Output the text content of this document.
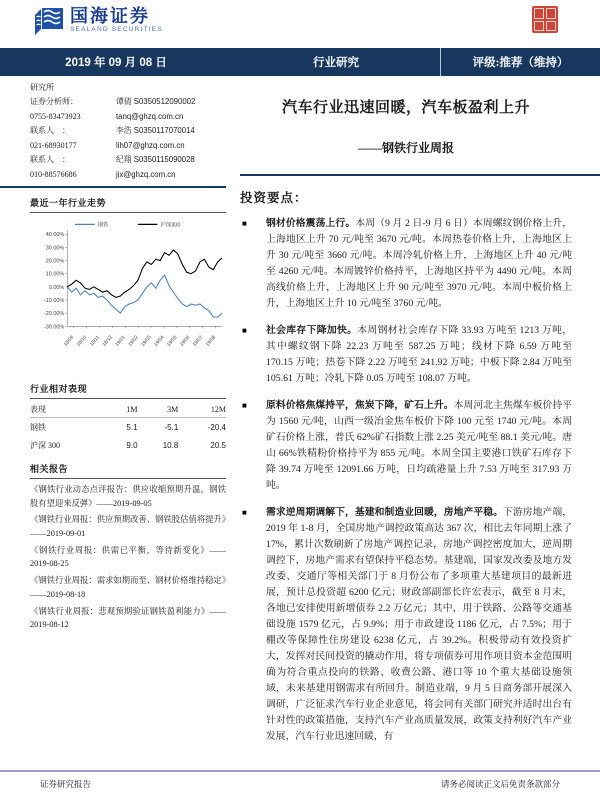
国海证券
SEALAND SECURITIES
2019 年 09 月 08 日	行业研究	评级:推荐（维持）
研究所
证券分析师：	谭倩 S0350512090002
0755-83473923	tanq@ghzq.com.cn
联系人　：	李浩 S0350117070014
021-68930177	lih07@ghzq.com.cn
联系人　：	纪翔 S0350115090028
010-88576686	jix@ghzq.com.cn
最近一年行业走势
40.00%
30.00%
20.00%
10.00%
0.00%
-10.00%
-20.00%
-30.00%
18/09 18/10 18/11 18/12 19/01 19/02 19/03 19/04 19/05 19/06 19/07 19/08
钢铁	沪深300
行业相对表现
表现	1M	3M	12M
钢铁	5.1	-5.1	-20.4
沪深 300	9.0	10.8	20.5
相关报告
《钢铁行业动态点评报告：供应收缩预期升温，钢铁股有望迎来反弹》——2019-09-05
《钢铁行业周报：供应预期改善、钢铁股估值将提升》——2019-09-01
《钢铁行业周报：供需已平衡，等待新变化》——2019-08-25
《钢铁行业周报：需求如期而至、钢材价格维持稳定》——2019-08-18
《钢铁行业周报：悲观预期验证钢铁盈利能力》——2019-08-12
汽车行业迅速回暖，汽车板盈利上升
——钢铁行业周报
投资要点：
■	钢材价格震荡上行。本周（9 月 2 日-9 月 6 日）本周螺纹钢价格上升，上海地区上升 70 元/吨至 3670 元/吨。本周热卷价格上升，上海地区上升 30 元/吨至 3660 元/吨。本周冷轧价格上升，上海地区上升 40 元/吨至 4260 元/吨。本周镀锌价格持平，上海地区持平为 4490 元/吨。本周高线价格上升，上海地区上升 90 元/吨至 3970 元/吨。本周中板价格上升，上海地区上升 10 元/吨至 3760 元/吨。
■	社会库存下降加快。本周钢材社会库存下降 33.93 万吨至 1213 万吨，其中螺纹钢下降 22.23 万吨至 587.25 万吨；线材下降 6.59 万吨至 170.15 万吨；热卷下降 2.22 万吨至 241.92 万吨；中板下降 2.84 万吨至 105.61 万吨；冷轧下降 0.05 万吨至 108.07 万吨。
■	原料价格焦煤持平，焦炭下降，矿石上升。本周河北主焦煤车板价持平为 1560 元/吨，山西一级冶金焦车板价下降 100 元至 1740 元/吨。本周矿石价格上涨，普氏 62%矿石指数上涨 2.25 美元/吨至 88.1 美元/吨。唐山 66%铁精粉价格持平为 855 元/吨。本周全国主要港口铁矿石库存下降 39.74 万吨至 12091.66 万吨，日均疏港量上升 7.53 万吨至 317.93 万吨。
■	需求逆周期调解下，基建和制造业回暖，房地产平稳。下游房地产端，2019 年 1-8 月，全国房地产调控政策高达 367 次，相比去年同期上涨了 17%，累计次数刷新了房地产调控记录，房地产调控密度加大，逆周期调控下，房地产需求有望保持平稳态势。基建端，国家发改委及地方发改委、交通厅等相关部门于 8 月份公布了多项重大基建项目的最新进展，预计总投资超 6200 亿元；财政部副部长许宏表示，截至 8 月末，各地已安排使用新增债券 2.2 万亿元；其中，用于铁路、公路等交通基础设施 1579 亿元，占 9.9%；用于市政建设 1186 亿元，占 7.5%；用于棚改等保障性住房建设 6238 亿元，占 39.2%。积极带动有效投资扩大，发挥对民间投资的撬动作用，将专项债券可用作项目资本金范围明确为符合重点投向的铁路、收费公路、港口等 10 个重大基础设施领域，未来基建用钢需求有所回升。制造业端，9 月 5 日商务部开展深入调研，广泛征求汽车行业企业意见，将会同有关部门研究并适时出台有针对性的政策措施，支持汽车产业高质量发展，政策支持利好汽车产业发展，汽车行业迅速回暖，有
证券研究报告	请务必阅读正文后免责条款部分
